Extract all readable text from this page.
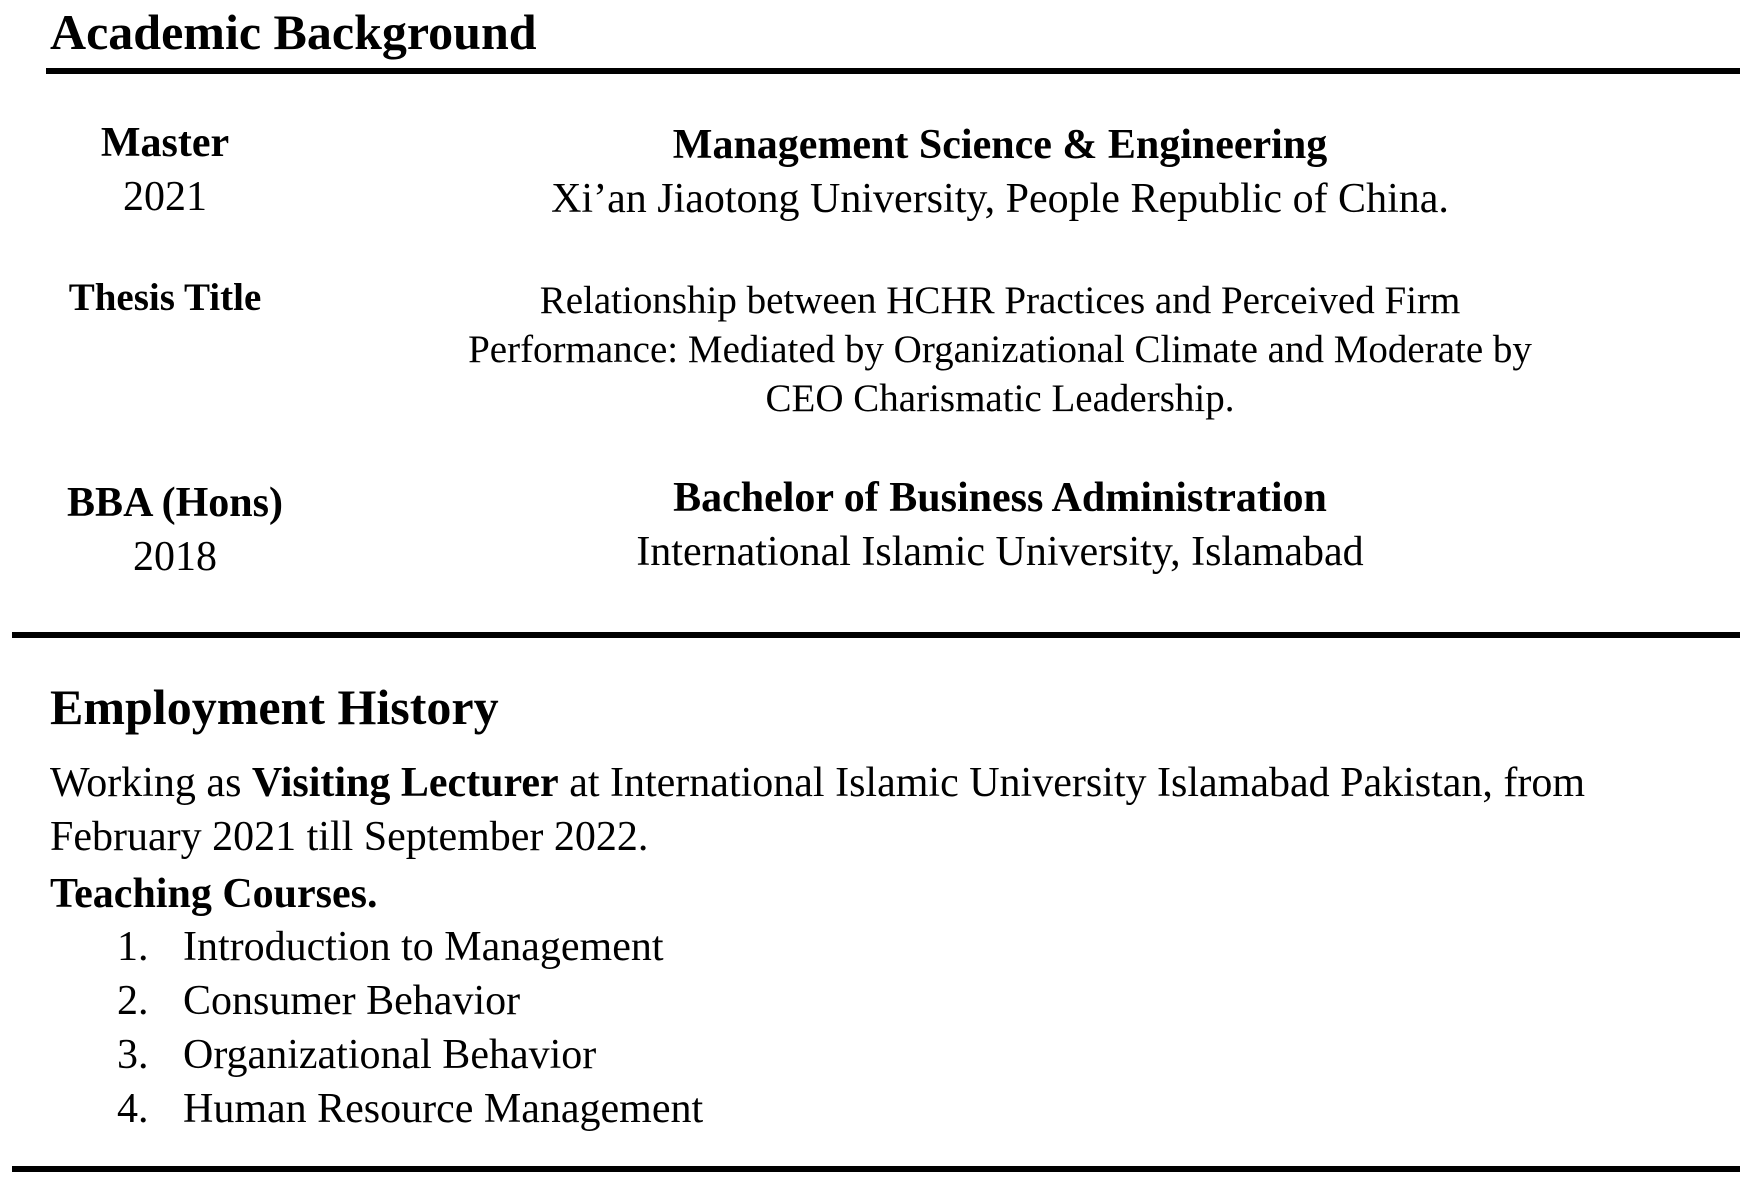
Academic Background
Master
2021
Management Science & Engineering
Xi’an Jiaotong University, People Republic of China.
Thesis Title	Relationship between HCHR Practices and Perceived Firm
Performance: Mediated by Organizational Climate and Moderate by
CEO Charismatic Leadership.
BBA (Hons)
2018
Bachelor of Business Administration
International Islamic University, Islamabad
Employment History
Working as Visiting Lecturer at International Islamic University Islamabad Pakistan, from
February 2021 till September 2022.
Teaching Courses.
1. Introduction to Management
2. Consumer Behavior
3. Organizational Behavior
4. Human Resource Management
